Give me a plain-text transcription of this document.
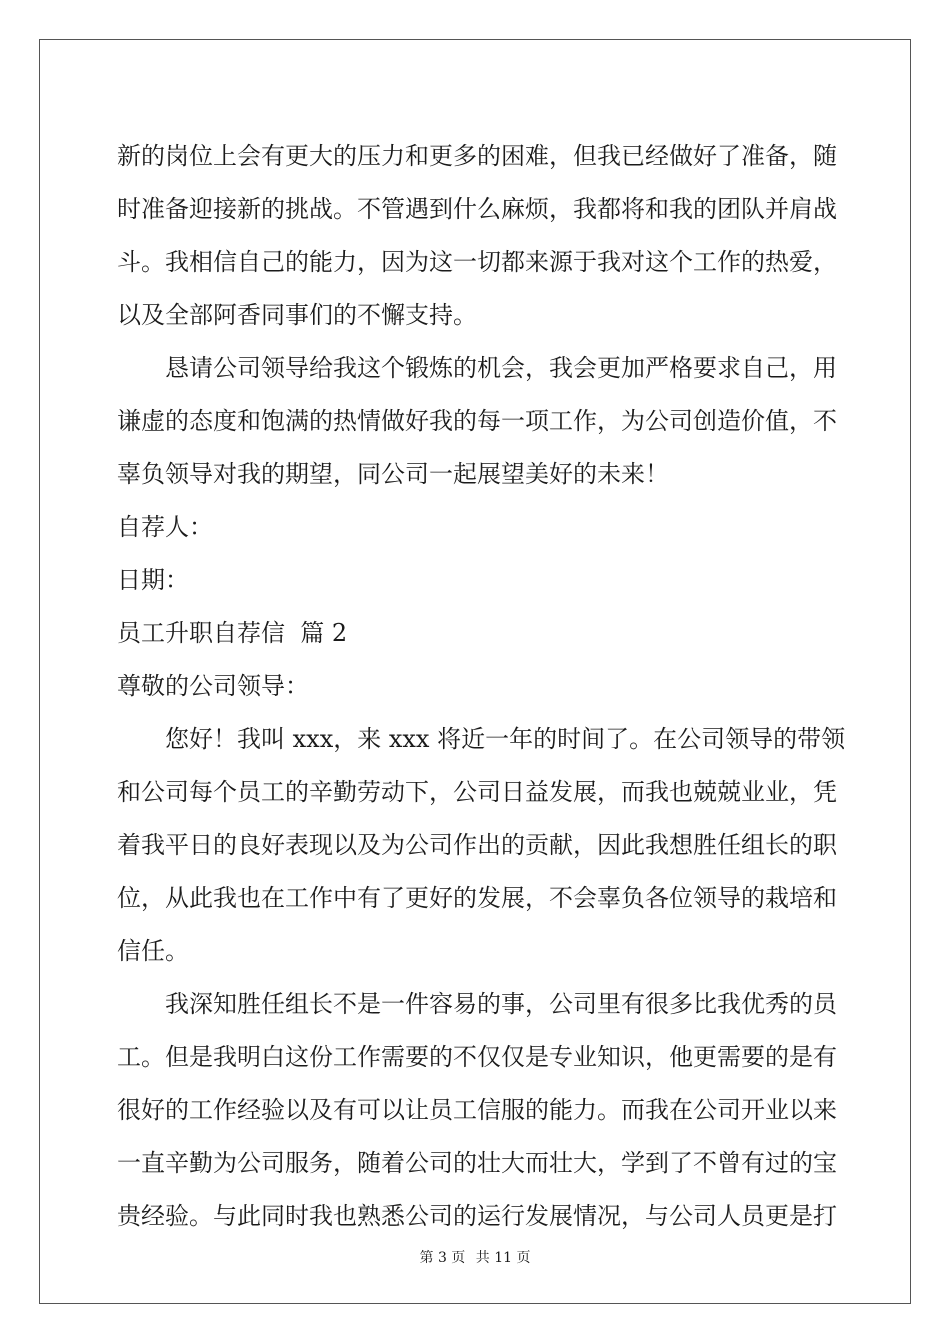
新的岗位上会有更大的压力和更多的困难，但我已经做好了准备，随
时准备迎接新的挑战。不管遇到什么麻烦，我都将和我的团队并肩战
斗。我相信自己的能力，因为这一切都来源于我对这个工作的热爱，
以及全部阿香同事们的不懈支持。
恳请公司领导给我这个锻炼的机会，我会更加严格要求自己，用
谦虚的态度和饱满的热情做好我的每一项工作，为公司创造价值，不
辜负领导对我的期望，同公司一起展望美好的未来！
自荐人：
日期：
员工升职自荐信  篇 2
尊敬的公司领导：
您好！我叫 xxx，来 xxx 将近一年的时间了。在公司领导的带领
和公司每个员工的辛勤劳动下，公司日益发展，而我也兢兢业业，凭
着我平日的良好表现以及为公司作出的贡献，因此我想胜任组长的职
位，从此我也在工作中有了更好的发展，不会辜负各位领导的栽培和
信任。
我深知胜任组长不是一件容易的事，公司里有很多比我优秀的员
工。但是我明白这份工作需要的不仅仅是专业知识，他更需要的是有
很好的工作经验以及有可以让员工信服的能力。而我在公司开业以来
一直辛勤为公司服务，随着公司的壮大而壮大，学到了不曾有过的宝
贵经验。与此同时我也熟悉公司的运行发展情况，与公司人员更是打
第 3 页 共 11 页
